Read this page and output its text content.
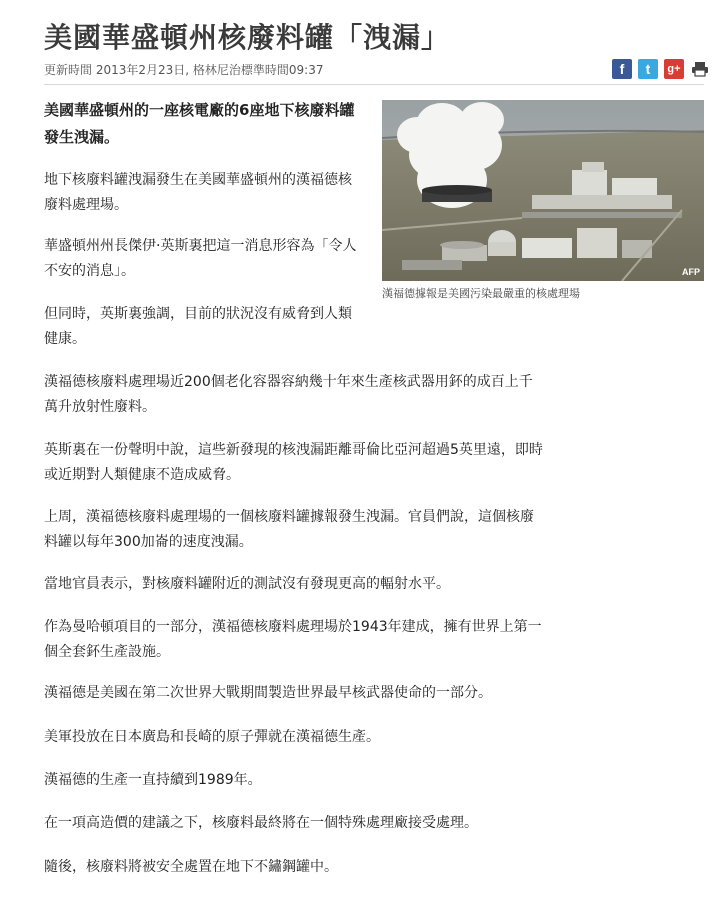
美國華盛頓州核廢料罐「洩漏」
更新時間 2013年2月23日, 格林尼治標準時間09:37	f	t	g+

美國華盛頓州的一座核電廠的6座地下核廢料罐發生洩漏。

AFP
漢福德據報是美國污染最嚴重的核處理場

地下核廢料罐洩漏發生在美國華盛頓州的漢福德核廢料處理場。

華盛頓州州長傑伊·英斯裏把這一消息形容為「令人不安的消息」。

但同時，英斯裏強調，目前的狀況沒有威脅到人類健康。

漢福德核廢料處理場近200個老化容器容納幾十年來生產核武器用鈈的成百上千萬升放射性廢料。

英斯裏在一份聲明中說，這些新發現的核洩漏距離哥倫比亞河超過5英里遠，即時或近期對人類健康不造成威脅。

上周，漢福德核廢料處理場的一個核廢料罐據報發生洩漏。官員們說，這個核廢料罐以每年300加崙的速度洩漏。

當地官員表示，對核廢料罐附近的測試沒有發現更高的輻射水平。

作為曼哈頓項目的一部分，漢福德核廢料處理場於1943年建成，擁有世界上第一個全套鈈生產設施。

漢福德是美國在第二次世界大戰期間製造世界最早核武器使命的一部分。

美軍投放在日本廣島和長崎的原子彈就在漢福德生產。

漢福德的生產一直持續到1989年。

在一項高造價的建議之下，核廢料最終將在一個特殊處理廠接受處理。

隨後，核廢料將被安全處置在地下不鏽鋼罐中。
